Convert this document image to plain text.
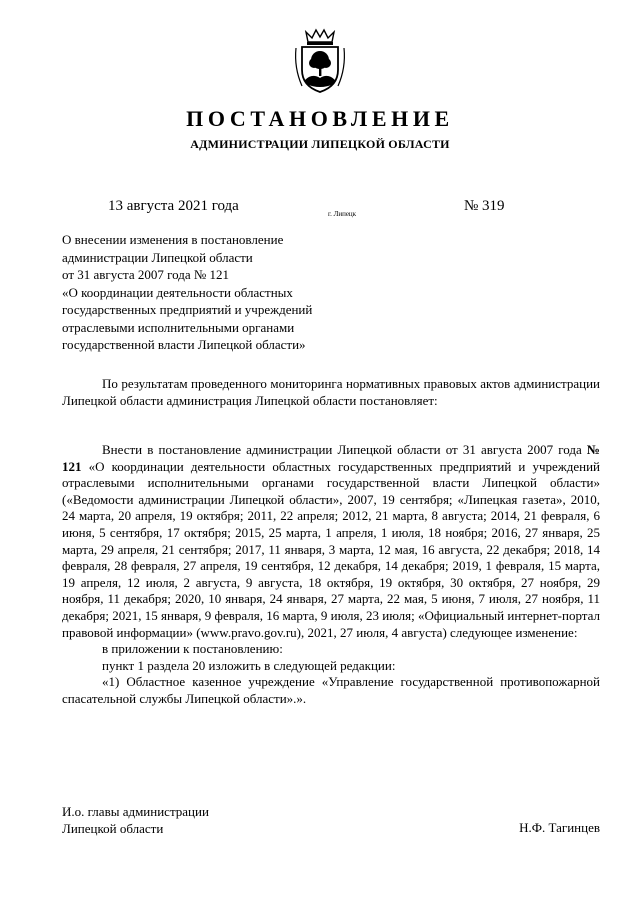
ПОСТАНОВЛЕНИЕ
АДМИНИСТРАЦИИ ЛИПЕЦКОЙ ОБЛАСТИ
13 августа 2021 года	г. Липецк	№ 319
О внесении изменения в постановление
администрации Липецкой области
от 31 августа 2007 года № 121
«О координации деятельности областных
государственных предприятий и учреждений
отраслевыми исполнительными органами
государственной власти Липецкой области»
По результатам проведенного мониторинга нормативных правовых актов администрации Липецкой области администрация Липецкой области постановляет:
Внести в постановление администрации Липецкой области от 31 августа 2007 года № 121 «О координации деятельности областных государственных предприятий и учреждений отраслевыми исполнительными органами государственной власти Липецкой области» («Ведомости администрации Липецкой области», 2007, 19 сентября; «Липецкая газета», 2010, 24 марта, 20 апреля, 19 октября; 2011, 22 апреля; 2012, 21 марта, 8 августа; 2014, 21 февраля, 6 июня, 5 сентября, 17 октября; 2015, 25 марта, 1 апреля, 1 июля, 18 ноября; 2016, 27 января, 25 марта, 29 апреля, 21 сентября; 2017, 11 января, 3 марта, 12 мая, 16 августа, 22 декабря; 2018, 14 февраля, 28 февраля, 27 апреля, 19 сентября, 12 декабря, 14 декабря; 2019, 1 февраля, 15 марта, 19 апреля, 12 июля, 2 августа, 9 августа, 18 октября, 19 октября, 30 октября, 27 ноября, 29 ноября, 11 декабря; 2020, 10 января, 24 января, 27 марта, 22 мая, 5 июня, 7 июля, 27 ноября, 11 декабря; 2021, 15 января, 9 февраля, 16 марта, 9 июля, 23 июля; «Официальный интернет-портал правовой информации» (www.pravo.gov.ru), 2021, 27 июля, 4 августа) следующее изменение:
в приложении к постановлению:
пункт 1 раздела 20 изложить в следующей редакции:
«1) Областное казенное учреждение «Управление государственной противопожарной спасательной службы Липецкой области».».
И.о. главы администрации
Липецкой области	Н.Ф. Тагинцев
